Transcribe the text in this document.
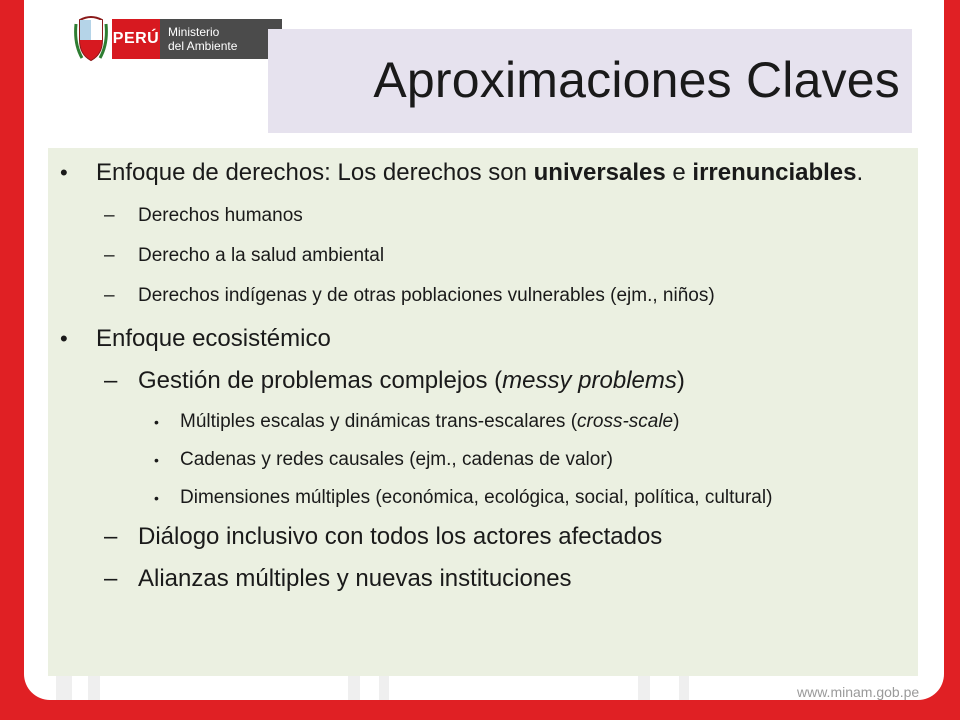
PERÚ Ministerio
del Ambiente
Aproximaciones Claves
• Enfoque de derechos: Los derechos son universales e irrenunciables.
– Derechos humanos
– Derecho a la salud ambiental
– Derechos indígenas y de otras poblaciones vulnerables (ejm., niños)
• Enfoque ecosistémico
– Gestión de problemas complejos (messy problems)
• Múltiples escalas y dinámicas trans-escalares (cross-scale)
• Cadenas y redes causales (ejm., cadenas de valor)
• Dimensiones múltiples (económica, ecológica, social, política, cultural)
– Diálogo inclusivo con todos los actores afectados
– Alianzas múltiples y nuevas instituciones
www.minam.gob.pe
